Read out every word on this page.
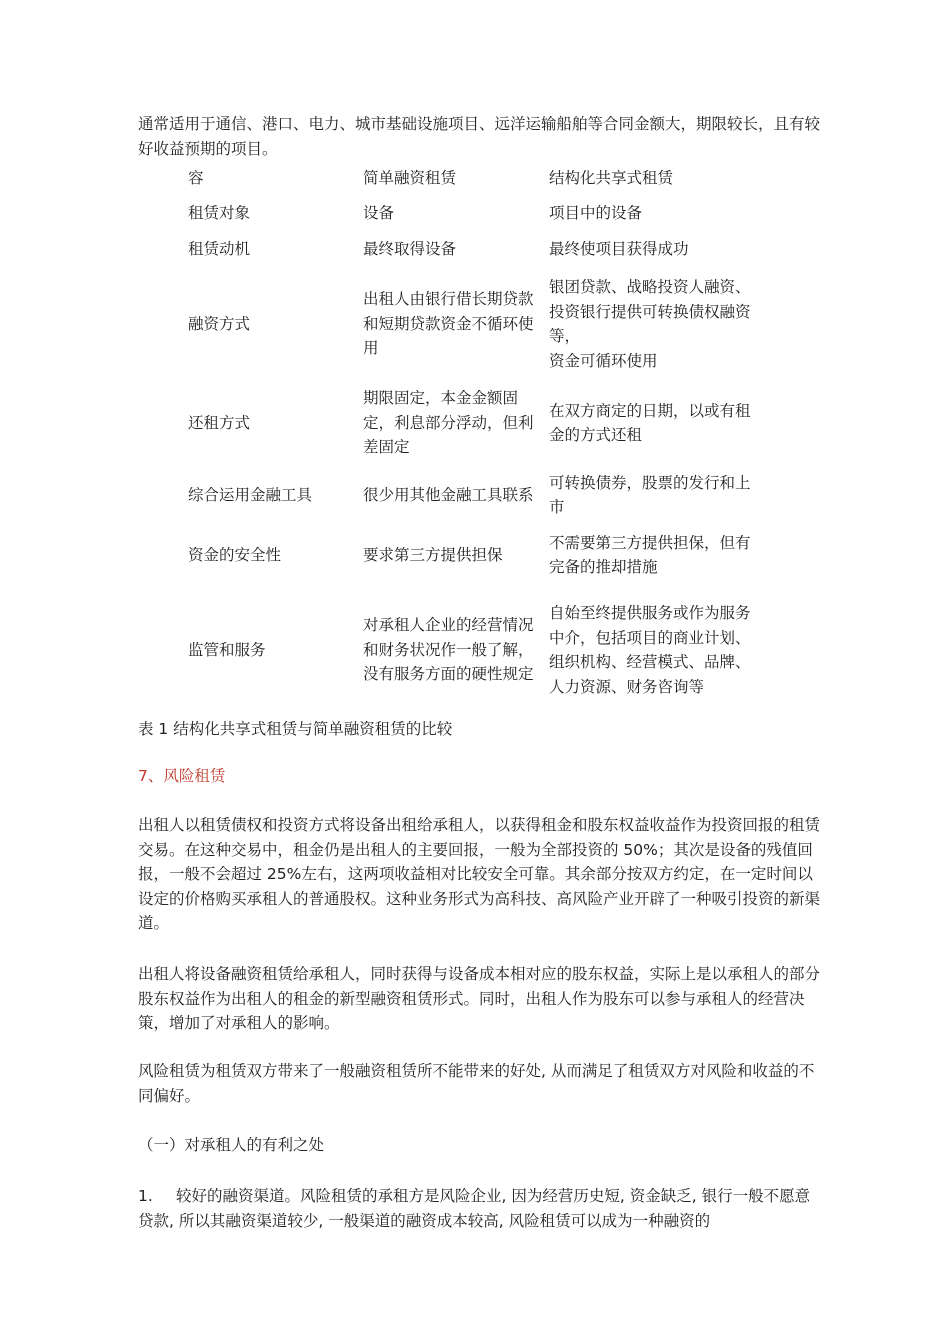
通常适用于通信、港口、电力、城市基础设施项目、远洋运输船舶等合同金额大，期限较长，且有较好收益预期的项目。
容	简单融资租赁	结构化共享式租赁
租赁对象	设备	项目中的设备
租赁动机	最终取得设备	最终使项目获得成功
融资方式	出租人由银行借长期贷款和短期贷款资金不循环使用	银团贷款、战略投资人融资、投资银行提供可转换债权融资等，
资金可循环使用
还租方式	期限固定，本金金额固定，利息部分浮动，但利差固定	在双方商定的日期，以或有租金的方式还租
综合运用金融工具	很少用其他金融工具联系	可转换债券，股票的发行和上市
资金的安全性	要求第三方提供担保	不需要第三方提供担保，但有完备的推却措施
监管和服务	对承租人企业的经营情况和财务状况作一般了解，没有服务方面的硬性规定	自始至终提供服务或作为服务中介，包括项目的商业计划、组织机构、经营模式、品牌、人力资源、财务咨询等
表 1 结构化共享式租赁与简单融资租赁的比较
7、风险租赁
出租人以租赁债权和投资方式将设备出租给承租人，以获得租金和股东权益收益作为投资回报的租赁交易。在这种交易中，租金仍是出租人的主要回报，一般为全部投资的 50%；其次是设备的残值回报，一般不会超过 25%左右，这两项收益相对比较安全可靠。其余部分按双方约定，在一定时间以设定的价格购买承租人的普通股权。这种业务形式为高科技、高风险产业开辟了一种吸引投资的新渠道。
出租人将设备融资租赁给承租人，同时获得与设备成本相对应的股东权益，实际上是以承租人的部分股东权益作为出租人的租金的新型融资租赁形式。同时，出租人作为股东可以参与承租人的经营决策，增加了对承租人的影响。
风险租赁为租赁双方带来了一般融资租赁所不能带来的好处, 从而满足了租赁双方对风险和收益的不同偏好。
（一）对承租人的有利之处
1. 较好的融资渠道。风险租赁的承租方是风险企业, 因为经营历史短, 资金缺乏, 银行一般不愿意贷款, 所以其融资渠道较少, 一般渠道的融资成本较高, 风险租赁可以成为一种融资的
